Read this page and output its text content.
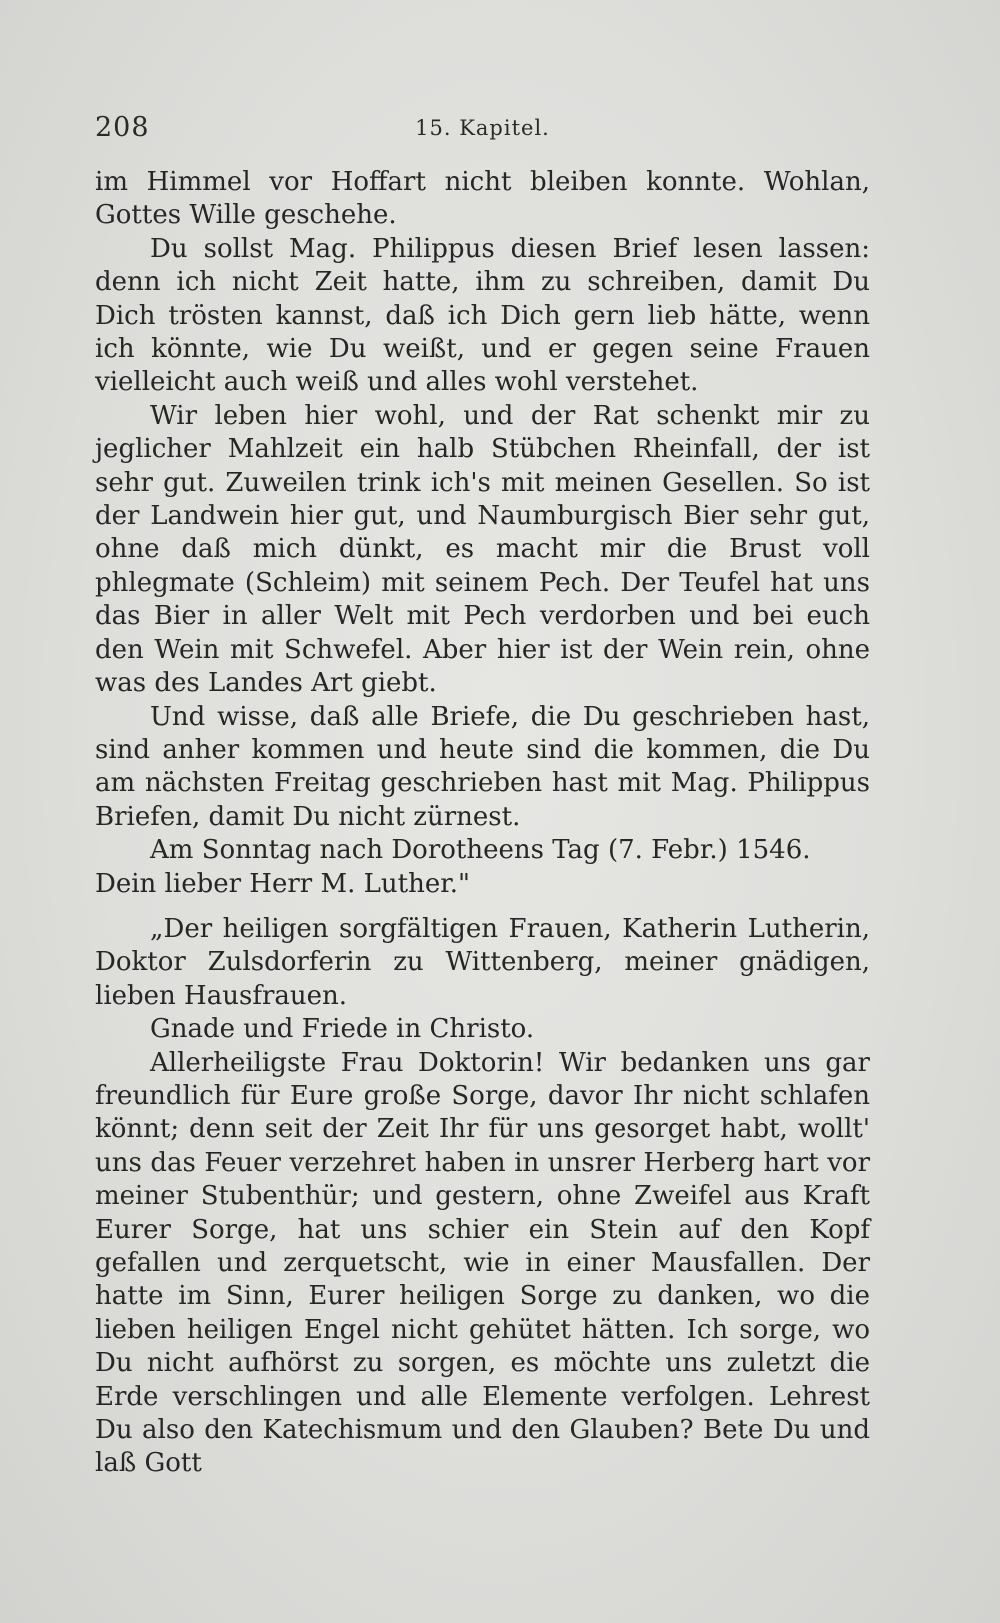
208	15. Kapitel.

im Himmel vor Hoffart nicht bleiben konnte. Wohlan, Gottes Wille geschehe.

Du sollst Mag. Philippus diesen Brief lesen lassen: denn ich nicht Zeit hatte, ihm zu schreiben, damit Du Dich trösten kannst, daß ich Dich gern lieb hätte, wenn ich könnte, wie Du weißt, und er gegen seine Frauen vielleicht auch weiß und alles wohl verstehet.

Wir leben hier wohl, und der Rat schenkt mir zu jeglicher Mahlzeit ein halb Stübchen Rheinfall, der ist sehr gut. Zuweilen trink ich's mit meinen Gesellen. So ist der Landwein hier gut, und Naumburgisch Bier sehr gut, ohne daß mich dünkt, es macht mir die Brust voll phlegmate (Schleim) mit seinem Pech. Der Teufel hat uns das Bier in aller Welt mit Pech verdorben und bei euch den Wein mit Schwefel. Aber hier ist der Wein rein, ohne was des Landes Art giebt.

Und wisse, daß alle Briefe, die Du geschrieben hast, sind anher kommen und heute sind die kommen, die Du am nächsten Freitag geschrieben hast mit Mag. Philippus Briefen, damit Du nicht zürnest.

Am Sonntag nach Dorotheens Tag (7. Febr.) 1546.

Dein lieber Herr M. Luther."

„Der heiligen sorgfältigen Frauen, Katherin Lutherin, Doktor Zulsdorferin zu Wittenberg, meiner gnädigen, lieben Hausfrauen.

Gnade und Friede in Christo.

Allerheiligste Frau Doktorin! Wir bedanken uns gar freundlich für Eure große Sorge, davor Ihr nicht schlafen könnt; denn seit der Zeit Ihr für uns gesorget habt, wollt' uns das Feuer verzehret haben in unsrer Herberg hart vor meiner Stubenthür; und gestern, ohne Zweifel aus Kraft Eurer Sorge, hat uns schier ein Stein auf den Kopf gefallen und zerquetscht, wie in einer Mausfallen. Der hatte im Sinn, Eurer heiligen Sorge zu danken, wo die lieben heiligen Engel nicht gehütet hätten. Ich sorge, wo Du nicht aufhörst zu sorgen, es möchte uns zuletzt die Erde verschlingen und alle Elemente verfolgen. Lehrest Du also den Katechismum und den Glauben? Bete Du und laß Gott
